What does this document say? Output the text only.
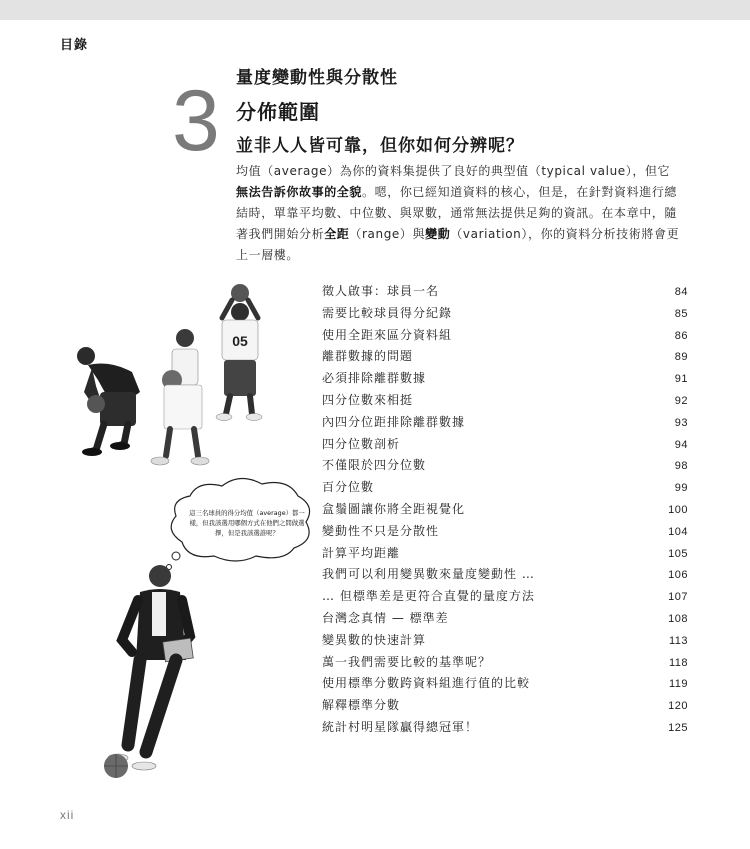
目錄
3 量度變動性與分散性
分佈範圍
並非人人皆可靠，但你如何分辨呢？

均值（average）為你的資料集提供了良好的典型值（typical value），但它 無法告訴你故事的全貌。嗯，你已經知道資料的核心，但是，在針對資料進行總結時，單靠平均數、中位數、與眾數，通常無法提供足夠的資訊。在本章中，隨著我們開始分析全距（range）與變動（variation），你的資料分析技術將會更上一層樓。

徵人啟事：球員一名	84
需要比較球員得分紀錄	85
使用全距來區分資料組	86
離群數據的問題	89
必須排除離群數據	91
四分位數來相挺	92
內四分位距排除離群數據	93
四分位數剖析	94
不僅限於四分位數	98
百分位數	99
盒鬚圖讓你將全距視覺化	100
變動性不只是分散性	104
計算平均距離	105
我們可以利用變異數來量度變動性 …	106
… 但標準差是更符合直覺的量度方法	107
台灣念真情 — 標準差	108
變異數的快速計算	113
萬一我們需要比較的基準呢？	118
使用標準分數跨資料組進行值的比較	119
解釋標準分數	120
統計村明星隊贏得總冠軍！	125
05
這三名球員的得分均值（average）都一樣，但我該選用哪個方式在他們之間做選擇，但是我該選誰呢？
xii
